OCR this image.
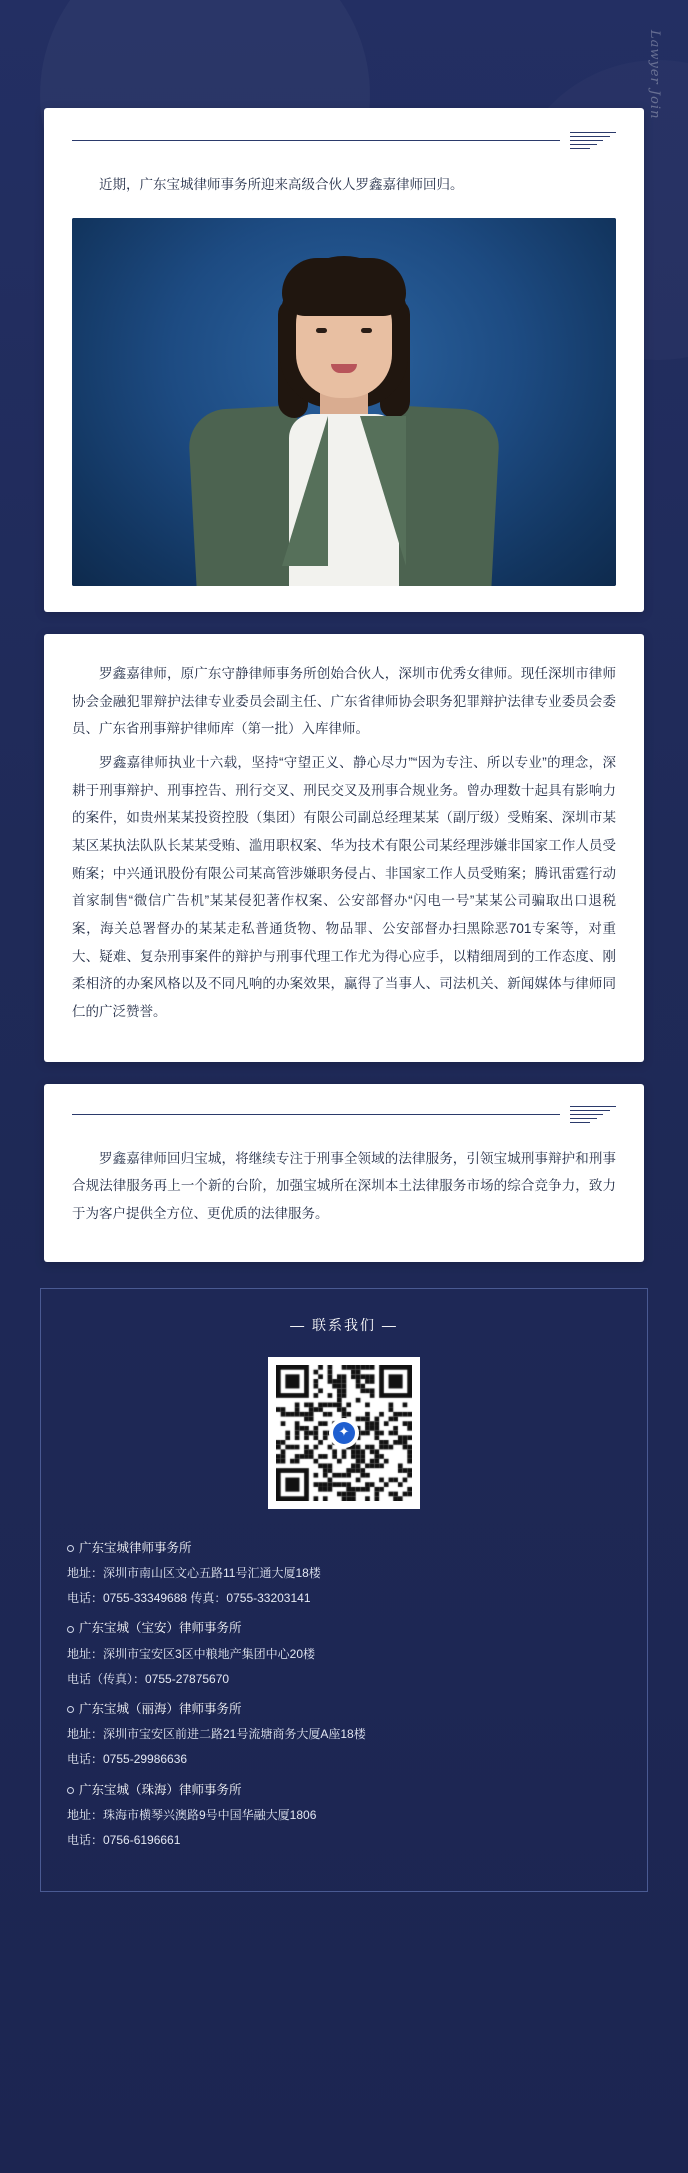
Lawyer Join

近期，广东宝城律师事务所迎来高级合伙人罗鑫嘉律师回归。

罗鑫嘉律师，原广东守静律师事务所创始合伙人，深圳市优秀女律师。现任深圳市律师协会金融犯罪辩护法律专业委员会副主任、广东省律师协会职务犯罪辩护法律专业委员会委员、广东省刑事辩护律师库（第一批）入库律师。

罗鑫嘉律师执业十六载，坚持“守望正义、静心尽力”“因为专注、所以专业”的理念，深耕于刑事辩护、刑事控告、刑行交叉、刑民交叉及刑事合规业务。曾办理数十起具有影响力的案件，如贵州某某投资控股（集团）有限公司副总经理某某（副厅级）受贿案、深圳市某某区某执法队队长某某受贿、滥用职权案、华为技术有限公司某经理涉嫌非国家工作人员受贿案；中兴通讯股份有限公司某高管涉嫌职务侵占、非国家工作人员受贿案；腾讯雷霆行动首家制售“微信广告机”某某侵犯著作权案、公安部督办“闪电一号”某某公司骗取出口退税案，海关总署督办的某某走私普通货物、物品罪、公安部督办扫黑除恶701专案等，对重大、疑难、复杂刑事案件的辩护与刑事代理工作尤为得心应手，以精细周到的工作态度、刚柔相济的办案风格以及不同凡响的办案效果，赢得了当事人、司法机关、新闻媒体与律师同仁的广泛赞誉。

罗鑫嘉律师回归宝城，将继续专注于刑事全领域的法律服务，引领宝城刑事辩护和刑事合规法律服务再上一个新的台阶，加强宝城所在深圳本土法律服务市场的综合竞争力，致力于为客户提供全方位、更优质的法律服务。

— 联系我们 —
✦
广东宝城律师事务所
地址：深圳市南山区文心五路11号汇通大厦18楼
电话：0755-33349688 传真：0755-33203141
广东宝城（宝安）律师事务所
地址：深圳市宝安区3区中粮地产集团中心20楼
电话（传真）：0755-27875670
广东宝城（丽海）律师事务所
地址：深圳市宝安区前进二路21号流塘商务大厦A座18楼
电话：0755-29986636
广东宝城（珠海）律师事务所
地址：珠海市横琴兴澳路9号中国华融大厦1806
电话：0756-6196661
